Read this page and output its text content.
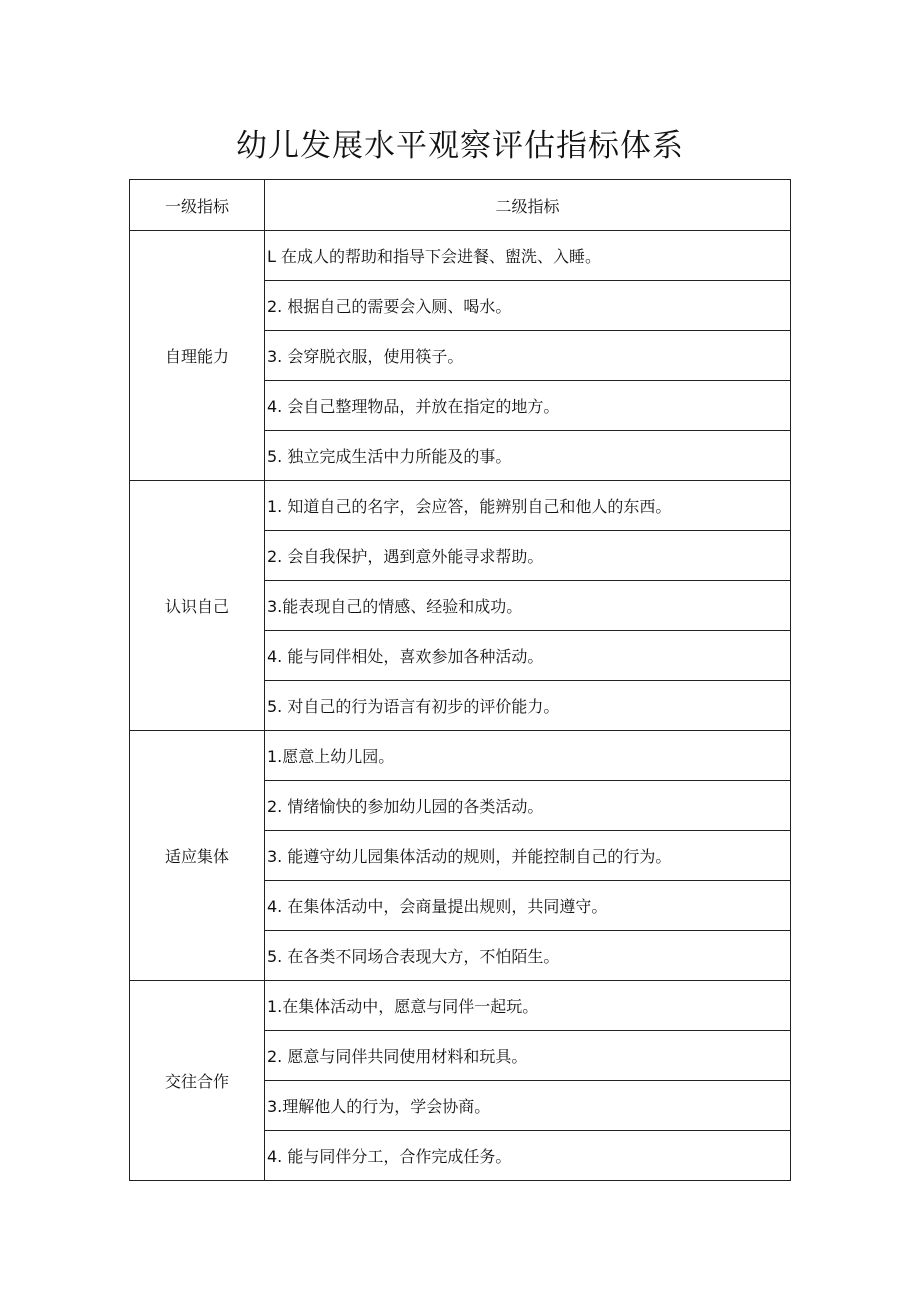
幼儿发展水平观察评估指标体系
一级指标	二级指标
自理能力	L 在成人的帮助和指导下会进餐、盥洗、入睡。
	2. 根据自己的需要会入厕、喝水。
	3. 会穿脱衣服，使用筷子。
	4. 会自己整理物品，并放在指定的地方。
	5. 独立完成生活中力所能及的事。
认识自己	1. 知道自己的名字，会应答，能辨别自己和他人的东西。
	2. 会自我保护，遇到意外能寻求帮助。
	3.能表现自己的情感、经验和成功。
	4. 能与同伴相处，喜欢参加各种活动。
	5. 对自己的行为语言有初步的评价能力。
适应集体	1.愿意上幼儿园。
	2. 情绪愉快的参加幼儿园的各类活动。
	3. 能遵守幼儿园集体活动的规则，并能控制自己的行为。
	4. 在集体活动中，会商量提出规则，共同遵守。
	5. 在各类不同场合表现大方，不怕陌生。
交往合作	1.在集体活动中，愿意与同伴一起玩。
	2. 愿意与同伴共同使用材料和玩具。
	3.理解他人的行为，学会协商。
	4. 能与同伴分工，合作完成任务。
